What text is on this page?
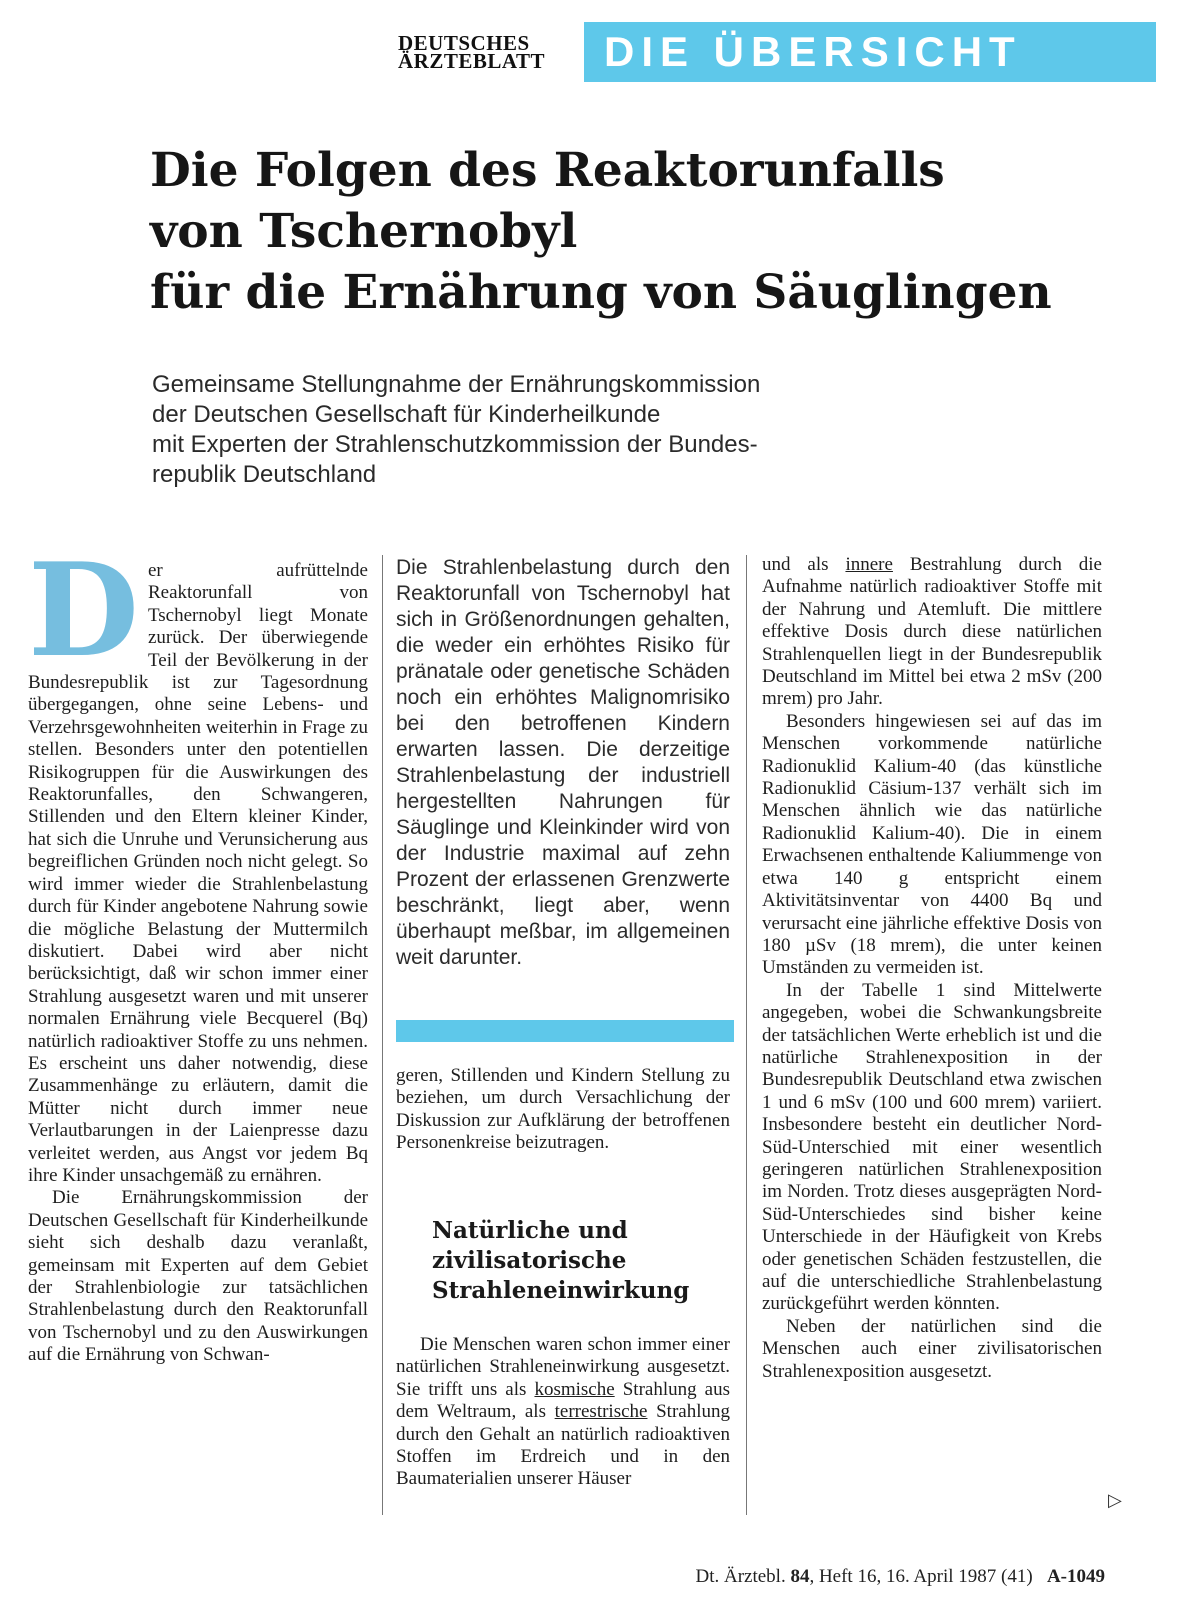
DEUTSCHES
ÄRZTEBLATT DIE ÜBERSICHT
Die Folgen des Reaktorunfalls
von Tschernobyl
für die Ernährung von Säuglingen
Gemeinsame Stellungnahme der Ernährungskommission
der Deutschen Gesellschaft für Kinderheilkunde
mit Experten der Strahlenschutzkommission der Bundes-
republik Deutschland

Der aufrüttelnde Reaktorunfall von Tschernobyl liegt Monate zurück. Der überwiegende Teil der Bevölkerung in der Bundesrepublik ist zur Tagesordnung übergegangen, ohne seine Lebens- und Verzehrsgewohnheiten weiterhin in Frage zu stellen. Besonders unter den potentiellen Risikogruppen für die Auswirkungen des Reaktorunfalles, den Schwangeren, Stillenden und den Eltern kleiner Kinder, hat sich die Unruhe und Verunsicherung aus begreiflichen Gründen noch nicht gelegt. So wird immer wieder die Strahlenbelastung durch für Kinder angebotene Nahrung sowie die mögliche Belastung der Muttermilch diskutiert. Dabei wird aber nicht berücksichtigt, daß wir schon immer einer Strahlung ausgesetzt waren und mit unserer normalen Ernährung viele Becquerel (Bq) natürlich radioaktiver Stoffe zu uns nehmen. Es erscheint uns daher notwendig, diese Zusammenhänge zu erläutern, damit die Mütter nicht durch immer neue Verlautbarungen in der Laienpresse dazu verleitet werden, aus Angst vor jedem Bq ihre Kinder unsachgemäß zu ernähren.

Die Ernährungskommission der Deutschen Gesellschaft für Kinderheilkunde sieht sich deshalb dazu veranlaßt, gemeinsam mit Experten auf dem Gebiet der Strahlenbiologie zur tatsächlichen Strahlenbelastung durch den Reaktorunfall von Tschernobyl und zu den Auswirkungen auf die Ernährung von Schwan-

Die Strahlenbelastung durch den Reaktorunfall von Tschernobyl hat sich in Größenordnungen gehalten, die weder ein erhöhtes Risiko für pränatale oder genetische Schäden noch ein erhöhtes Malignomrisiko bei den betroffenen Kindern erwarten lassen. Die derzeitige Strahlenbelastung der industriell hergestellten Nahrungen für Säuglinge und Kleinkinder wird von der Industrie maximal auf zehn Prozent der erlassenen Grenzwerte beschränkt, liegt aber, wenn überhaupt meßbar, im allgemeinen weit darunter.

geren, Stillenden und Kindern Stellung zu beziehen, um durch Versachlichung der Diskussion zur Aufklärung der betroffenen Personenkreise beizutragen.

Natürliche und zivilisatorische Strahleneinwirkung

Die Menschen waren schon immer einer natürlichen Strahleneinwirkung ausgesetzt. Sie trifft uns als kosmische Strahlung aus dem Weltraum, als terrestrische Strahlung durch den Gehalt an natürlich radioaktiven Stoffen im Erdreich und in den Baumaterialien unserer Häuser

und als innere Bestrahlung durch die Aufnahme natürlich radioaktiver Stoffe mit der Nahrung und Atemluft. Die mittlere effektive Dosis durch diese natürlichen Strahlenquellen liegt in der Bundesrepublik Deutschland im Mittel bei etwa 2 mSv (200 mrem) pro Jahr.

Besonders hingewiesen sei auf das im Menschen vorkommende natürliche Radionuklid Kalium-40 (das künstliche Radionuklid Cäsium-137 verhält sich im Menschen ähnlich wie das natürliche Radionuklid Kalium-40). Die in einem Erwachsenen enthaltende Kaliummenge von etwa 140 g entspricht einem Aktivitätsinventar von 4400 Bq und verursacht eine jährliche effektive Dosis von 180 µSv (18 mrem), die unter keinen Umständen zu vermeiden ist.

In der Tabelle 1 sind Mittelwerte angegeben, wobei die Schwankungsbreite der tatsächlichen Werte erheblich ist und die natürliche Strahlenexposition in der Bundesrepublik Deutschland etwa zwischen 1 und 6 mSv (100 und 600 mrem) variiert. Insbesondere besteht ein deutlicher Nord-Süd-Unterschied mit einer wesentlich geringeren natürlichen Strahlenexposition im Norden. Trotz dieses ausgeprägten Nord-Süd-Unterschiedes sind bisher keine Unterschiede in der Häufigkeit von Krebs oder genetischen Schäden festzustellen, die auf die unterschiedliche Strahlenbelastung zurückgeführt werden könnten.

Neben der natürlichen sind die Menschen auch einer zivilisatorischen Strahlenexposition ausgesetzt.

▷
Dt. Ärztebl. 84, Heft 16, 16. April 1987 (41) A-1049
